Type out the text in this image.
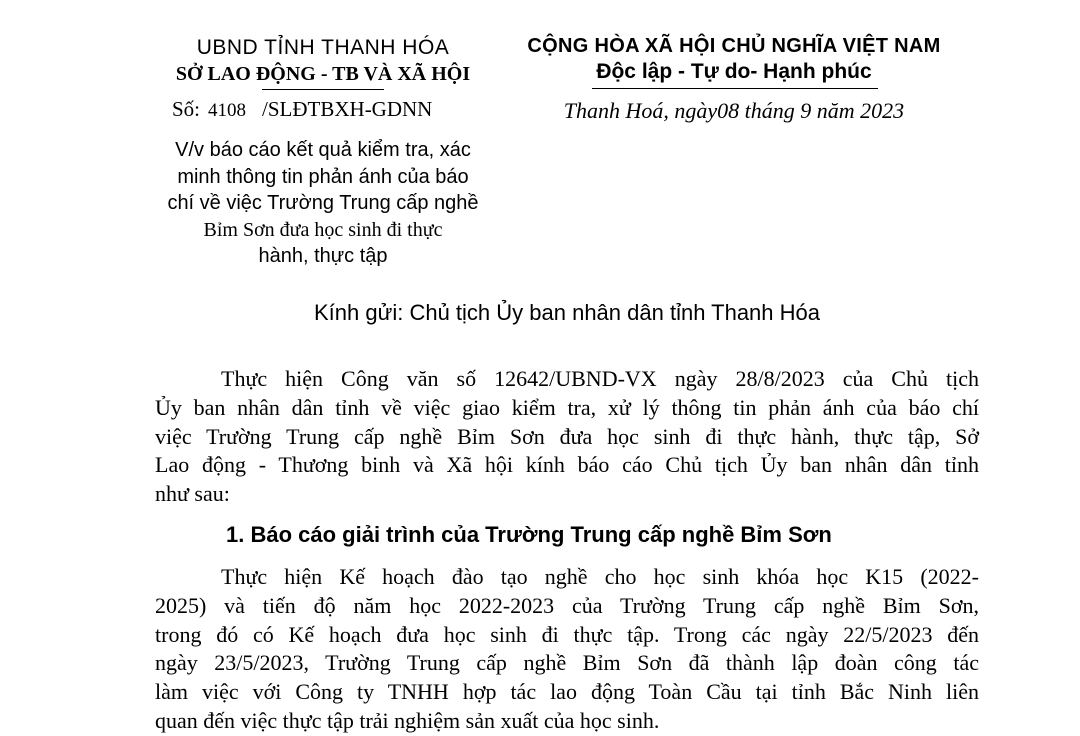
UBND TỈNH THANH HÓA
SỞ LAO ĐỘNG - TB VÀ XÃ HỘI
Số: 4108 /SLĐTBXH-GDNN
V/v báo cáo kết quả kiểm tra, xác
minh thông tin phản ánh của báo
chí về việc Trường Trung cấp nghề
Bỉm Sơn đưa học sinh đi thực
hành, thực tập
CỘNG HÒA XÃ HỘI CHỦ NGHĨA VIỆT NAM
Độc lập - Tự do- Hạnh phúc
Thanh Hoá, ngày08 tháng 9 năm 2023
Kính gửi: Chủ tịch Ủy ban nhân dân tỉnh Thanh Hóa
Thực hiện Công văn số 12642/UBND-VX ngày 28/8/2023 của Chủ tịch
Ủy ban nhân dân tỉnh về việc giao kiểm tra, xử lý thông tin phản ánh của báo chí
việc Trường Trung cấp nghề Bỉm Sơn đưa học sinh đi thực hành, thực tập, Sở
Lao động - Thương binh và Xã hội kính báo cáo Chủ tịch Ủy ban nhân dân tỉnh
như sau:
1. Báo cáo giải trình của Trường Trung cấp nghề Bỉm Sơn
Thực hiện Kế hoạch đào tạo nghề cho học sinh khóa học K15 (2022-
2025) và tiến độ năm học 2022-2023 của Trường Trung cấp nghề Bỉm Sơn,
trong đó có Kế hoạch đưa học sinh đi thực tập. Trong các ngày 22/5/2023 đến
ngày 23/5/2023, Trường Trung cấp nghề Bỉm Sơn đã thành lập đoàn công tác
làm việc với Công ty TNHH hợp tác lao động Toàn Cầu tại tỉnh Bắc Ninh liên
quan đến việc thực tập trải nghiệm sản xuất của học sinh.
